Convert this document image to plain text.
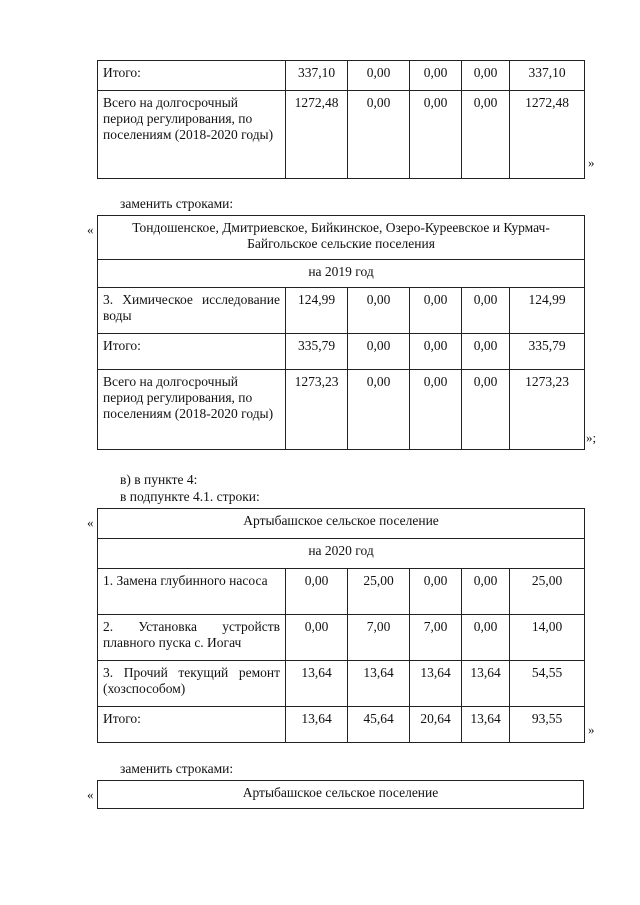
Итого:	337,10	0,00	0,00	0,00	337,10
Всего на долгосрочный период регулирования, по поселениям (2018-2020 годы)	1272,48	0,00	0,00	0,00	1272,48
»
заменить строками:
«	Тондошенское, Дмитриевское, Бийкинское, Озеро-Куреевское и Курмач-Байгольское сельские поселения					
на 2019 год					
3. Химическое исследование воды	124,99	0,00	0,00	0,00	124,99
Итого:	335,79	0,00	0,00	0,00	335,79
Всего на долгосрочный период регулирования, по поселениям (2018-2020 годы)	1273,23	0,00	0,00	0,00	1273,23
»;
в) в пункте 4:
в подпункте 4.1. строки:
«	Артыбашское сельское поселение					
на 2020 год					
1. Замена глубинного насоса	0,00	25,00	0,00	0,00	25,00
2. Установка устройств плавного пуска с. Иогач	0,00	7,00	7,00	0,00	14,00
3. Прочий текущий ремонт (хозспособом)	13,64	13,64	13,64	13,64	54,55
Итого:	13,64	45,64	20,64	13,64	93,55
»
заменить строками:
«	Артыбашское сельское поселение
